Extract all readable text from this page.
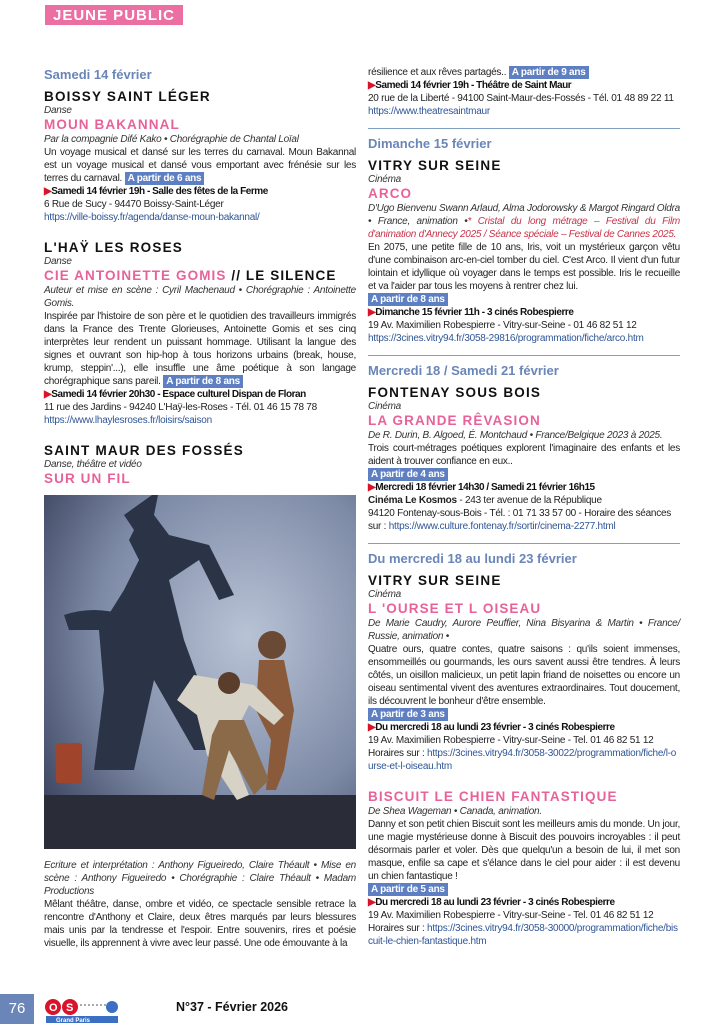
JEUNE PUBLIC
Samedi 14 février
BOISSY SAINT LÉGER
Danse
MOUN BAKANNAL
Par la compagnie Difé Kako • Chorégraphie de Chantal Loïal
Un voyage musical et dansé sur les terres du carnaval. Moun Bakannal est un voyage musical et dansé vous emportant avec frénésie sur les terres du carnaval. A partir de 6 ans
▶Samedi 14 février 19h - Salle des fêtes de la Ferme
6 Rue de Sucy - 94470 Boissy-Saint-Léger
https://ville-boissy.fr/agenda/danse-moun-bakannal/
L'HAŸ LES ROSES
Danse
CIE ANTOINETTE GOMIS // LE SILENCE
Auteur et mise en scène : Cyril Machenaud • Chorégraphie : Antoinette Gomis.
Inspirée par l'histoire de son père et le quotidien des travailleurs immigrés dans la France des Trente Glorieuses, Antoinette Gomis et ses cinq interprètes leur rendent un puissant hommage. Utilisant la langue des signes et ouvrant son hip-hop à tous horizons urbains (break, house, krump, steppin'...), elle insuffle une âme poétique à son langage chorégraphique sans pareil. A partir de 8 ans
▶Samedi 14 février 20h30 - Espace culturel Dispan de Floran
11 rue des Jardins - 94240 L'Haÿ-les-Roses - Tél. 01 46 15 78 78
https://www.lhaylesroses.fr/loisirs/saison
SAINT MAUR DES FOSSÉS
Danse, théâtre et vidéo
SUR UN FIL
Ecriture et interprétation : Anthony Figueiredo, Claire Théault • Mise en scène : Anthony Figueiredo • Chorégraphie : Claire Théault • Madam Productions
Mêlant théâtre, danse, ombre et vidéo, ce spectacle sensible retrace la rencontre d'Anthony et Claire, deux êtres marqués par leurs blessures mais unis par la tendresse et l'espoir. Entre souvenirs, rires et poésie visuelle, ils apprennent à vivre avec leur passé. Une ode émouvante à la
résilience et aux rêves partagés.. A partir de 9 ans
▶Samedi 14 février 19h - Théâtre de Saint Maur
20 rue de la Liberté - 94100 Saint-Maur-des-Fossés - Tél. 01 48 89 22 11
https://www.theatresaintmaur
Dimanche 15 février
VITRY SUR SEINE
Cinéma
ARCO
D'Ugo Bienvenu Swann Arlaud, Alma Jodorowsky & Margot Ringard Oldra • France, animation •* Cristal du long métrage – Festival du Film d'animation d'Annecy 2025 / Séance spéciale – Festival de Cannes 2025.
En 2075, une petite fille de 10 ans, Iris, voit un mystérieux garçon vêtu d'une combinaison arc-en-ciel tomber du ciel. C'est Arco. Il vient d'un futur lointain et idyllique où voyager dans le temps est possible. Iris le recueille et va l'aider par tous les moyens à rentrer chez lui.
A partir de 8 ans
▶Dimanche 15 février 11h - 3 cinés Robespierre
19 Av. Maximilien Robespierre - Vitry-sur-Seine - 01 46 82 51 12
https://3cines.vitry94.fr/3058-29816/programmation/fiche/arco.htm
Mercredi 18 / Samedi 21 février
FONTENAY SOUS BOIS
Cinéma
LA GRANDE RÊVASION
De R. Durin, B. Algoed, É. Montchaud • France/Belgique 2023 à 2025.
Trois court-métrages poétiques explorent l'imaginaire des enfants et les aident à trouver confiance en eux..
A partir de 4 ans
▶Mercredi 18 février 14h30 / Samedi 21 février 16h15
Cinéma Le Kosmos - 243 ter avenue de la République
94120 Fontenay-sous-Bois - Tél. : 01 71 33 57 00 - Horaire des séances sur : https://www.culture.fontenay.fr/sortir/cinema-2277.html
Du mercredi 18 au lundi 23 février
VITRY SUR SEINE
Cinéma
L 'OURSE ET L OISEAU
De Marie Caudry, Aurore Peuffier, Nina Bisyarina & Martin • France/ Russie, animation •
Quatre ours, quatre contes, quatre saisons : qu'ils soient immenses, ensommeillés ou gourmands, les ours savent aussi être tendres. À leurs côtés, un oisillon malicieux, un petit lapin friand de noisettes ou encore un oiseau sentimental vivent des aventures extraordinaires. Tout doucement, ils découvrent le bonheur d'être ensemble.
A partir de 3 ans
▶Du mercredi 18 au lundi 23 février - 3 cinés Robespierre
19 Av. Maximilien Robespierre - Vitry-sur-Seine - Tel. 01 46 82 51 12
Horaires sur : https://3cines.vitry94.fr/3058-30022/programmation/fiche/l-ourse-et-l-oiseau.htm
BISCUIT LE CHIEN FANTASTIQUE
De Shea Wageman • Canada, animation.
Danny et son petit chien Biscuit sont les meilleurs amis du monde. Un jour, une magie mystérieuse donne à Biscuit des pouvoirs incroyables : il peut désormais parler et voler. Dès que quelqu'un a besoin de lui, il met son masque, enfile sa cape et s'élance dans le ciel pour aider : il est devenu un chien fantastique !
A partir de 5 ans
▶Du mercredi 18 au lundi 23 février - 3 cinés Robespierre
19 Av. Maximilien Robespierre - Vitry-sur-Seine - Tel. 01 46 82 51 12
Horaires sur : https://3cines.vitry94.fr/3058-30000/programmation/fiche/biscuit-le-chien-fantastique.htm
76	O S
Grand Paris
N°37 - Février 2026
